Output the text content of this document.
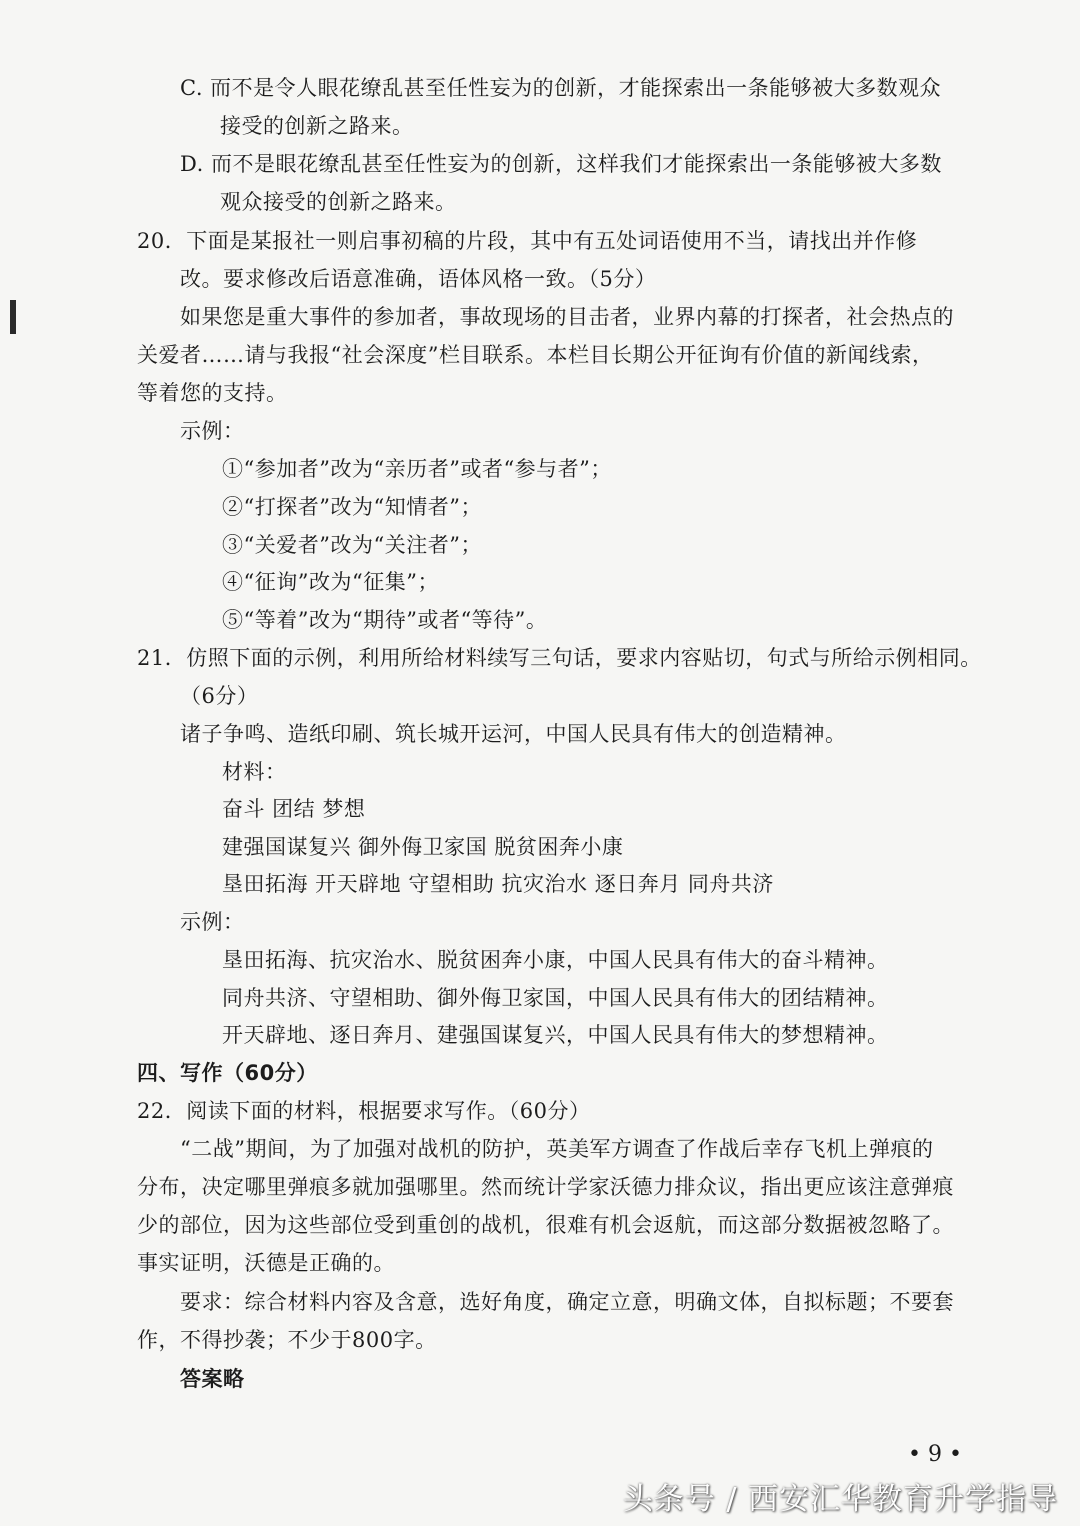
C. 而不是令人眼花缭乱甚至任性妄为的创新，才能探索出一条能够被大多数观众
接受的创新之路来。
D. 而不是眼花缭乱甚至任性妄为的创新，这样我们才能探索出一条能够被大多数
观众接受的创新之路来。
20．下面是某报社一则启事初稿的片段，其中有五处词语使用不当，请找出并作修
改。要求修改后语意准确，语体风格一致。（5分）
如果您是重大事件的参加者，事故现场的目击者，业界内幕的打探者，社会热点的
关爱者……请与我报“社会深度”栏目联系。本栏目长期公开征询有价值的新闻线索，
等着您的支持。
示例：
①“参加者”改为“亲历者”或者“参与者”；
②“打探者”改为“知情者”；
③“关爱者”改为“关注者”；
④“征询”改为“征集”；
⑤“等着”改为“期待”或者“等待”。
21．仿照下面的示例，利用所给材料续写三句话，要求内容贴切，句式与所给示例相同。
（6分）
诸子争鸣、造纸印刷、筑长城开运河，中国人民具有伟大的创造精神。
材料：
奋斗 团结 梦想
建强国谋复兴 御外侮卫家国 脱贫困奔小康
垦田拓海 开天辟地 守望相助 抗灾治水 逐日奔月 同舟共济
示例：
垦田拓海、抗灾治水、脱贫困奔小康，中国人民具有伟大的奋斗精神。
同舟共济、守望相助、御外侮卫家国，中国人民具有伟大的团结精神。
开天辟地、逐日奔月、建强国谋复兴，中国人民具有伟大的梦想精神。
四、写作（60分）
22．阅读下面的材料，根据要求写作。（60分）
“二战”期间，为了加强对战机的防护，英美军方调查了作战后幸存飞机上弹痕的
分布，决定哪里弹痕多就加强哪里。然而统计学家沃德力排众议，指出更应该注意弹痕
少的部位，因为这些部位受到重创的战机，很难有机会返航，而这部分数据被忽略了。
事实证明，沃德是正确的。
要求：综合材料内容及含意，选好角度，确定立意，明确文体，自拟标题；不要套
作，不得抄袭；不少于800字。
答案略
• 9 •
头条号 / 西安汇华教育升学指导
